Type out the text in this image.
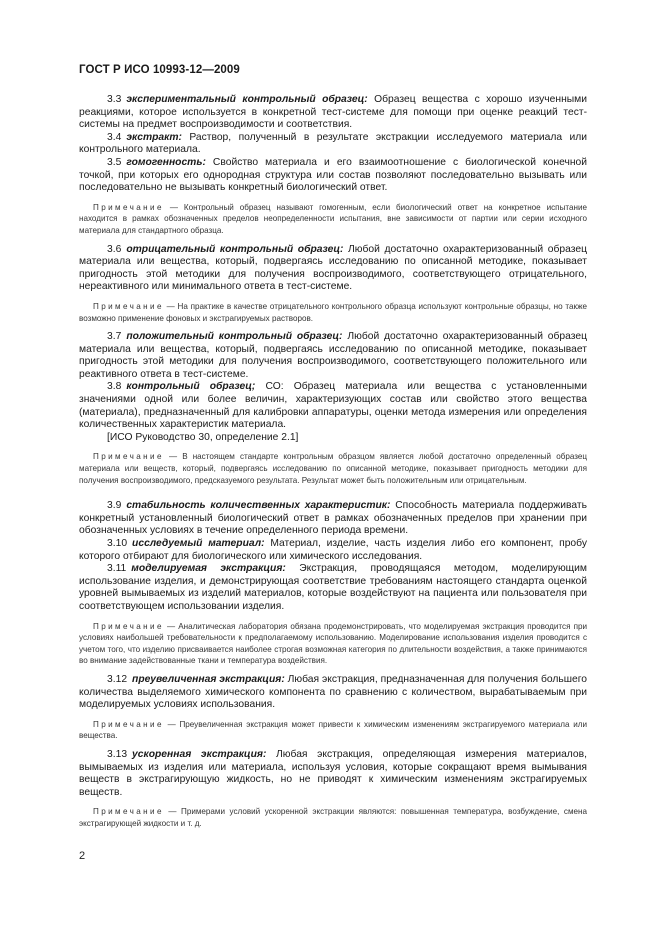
ГОСТ Р ИСО 10993-12—2009

3.3 экспериментальный контрольный образец: Образец вещества с хорошо изученными реакциями, которое используется в конкретной тест-системе для помощи при оценке реакций тест-системы на предмет воспроизводимости и соответствия.

3.4 экстракт: Раствор, полученный в результате экстракции исследуемого материала или контрольного материала.

3.5 гомогенность: Свойство материала и его взаимоотношение с биологической конечной точкой, при которых его однородная структура или состав позволяют последовательно вызывать или последовательно не вызывать конкретный биологический ответ.

Примечание — Контрольный образец называют гомогенным, если биологический ответ на конкретное испытание находится в рамках обозначенных пределов неопределенности испытания, вне зависимости от партии или серии исходного материала для стандартного образца.

3.6 отрицательный контрольный образец: Любой достаточно охарактеризованный образец материала или вещества, который, подвергаясь исследованию по описанной методике, показывает пригодность этой методики для получения воспроизводимого, соответствующего отрицательного, нереактивного или минимального ответа в тест-системе.

Примечание — На практике в качестве отрицательного контрольного образца используют контрольные образцы, но также возможно применение фоновых и экстрагируемых растворов.

3.7 положительный контрольный образец: Любой достаточно охарактеризованный образец материала или вещества, который, подвергаясь исследованию по описанной методике, показывает пригодность этой методики для получения воспроизводимого, соответствующего положительного или реактивного ответа в тест-системе.

3.8 контрольный образец; СО: Образец материала или вещества с установленными значениями одной или более величин, характеризующих состав или свойство этого вещества (материала), предназначенный для калибровки аппаратуры, оценки метода измерения или определения количественных характеристик материала.

[ИСО Руководство 30, определение 2.1]

Примечание — В настоящем стандарте контрольным образцом является любой достаточно определенный образец материала или веществ, который, подвергаясь исследованию по описанной методике, показывает пригодность методики для получения воспроизводимого, предсказуемого результата. Результат может быть положительным или отрицательным.

3.9 стабильность количественных характеристик: Способность материала поддерживать конкретный установленный биологический ответ в рамках обозначенных пределов при хранении при обозначенных условиях в течение определенного периода времени.

3.10 исследуемый материал: Материал, изделие, часть изделия либо его компонент, пробу которого отбирают для биологического или химического исследования.

3.11 моделируемая экстракция: Экстракция, проводящаяся методом, моделирующим использование изделия, и демонстрирующая соответствие требованиям настоящего стандарта оценкой уровней вымываемых из изделий материалов, которые воздействуют на пациента или пользователя при соответствующем использовании изделия.

Примечание — Аналитическая лаборатория обязана продемонстрировать, что моделируемая экстракция проводится при условиях наибольшей требовательности к предполагаемому использованию. Моделирование использования изделия проводится с учетом того, что изделию присваивается наиболее строгая возможная категория по длительности воздействия, а также принимаются во внимание задействованные ткани и температура воздействия.

3.12 преувеличенная экстракция: Любая экстракция, предназначенная для получения большего количества выделяемого химического компонента по сравнению с количеством, вырабатываемым при моделируемых условиях использования.

Примечание — Преувеличенная экстракция может привести к химическим изменениям экстрагируемого материала или вещества.

3.13 ускоренная экстракция: Любая экстракция, определяющая измерения материалов, вымываемых из изделия или материала, используя условия, которые сокращают время вымывания веществ в экстрагирующую жидкость, но не приводят к химическим изменениям экстрагируемых веществ.

Примечание — Примерами условий ускоренной экстракции являются: повышенная температура, возбуждение, смена экстрагирующей жидкости и т. д.

2
